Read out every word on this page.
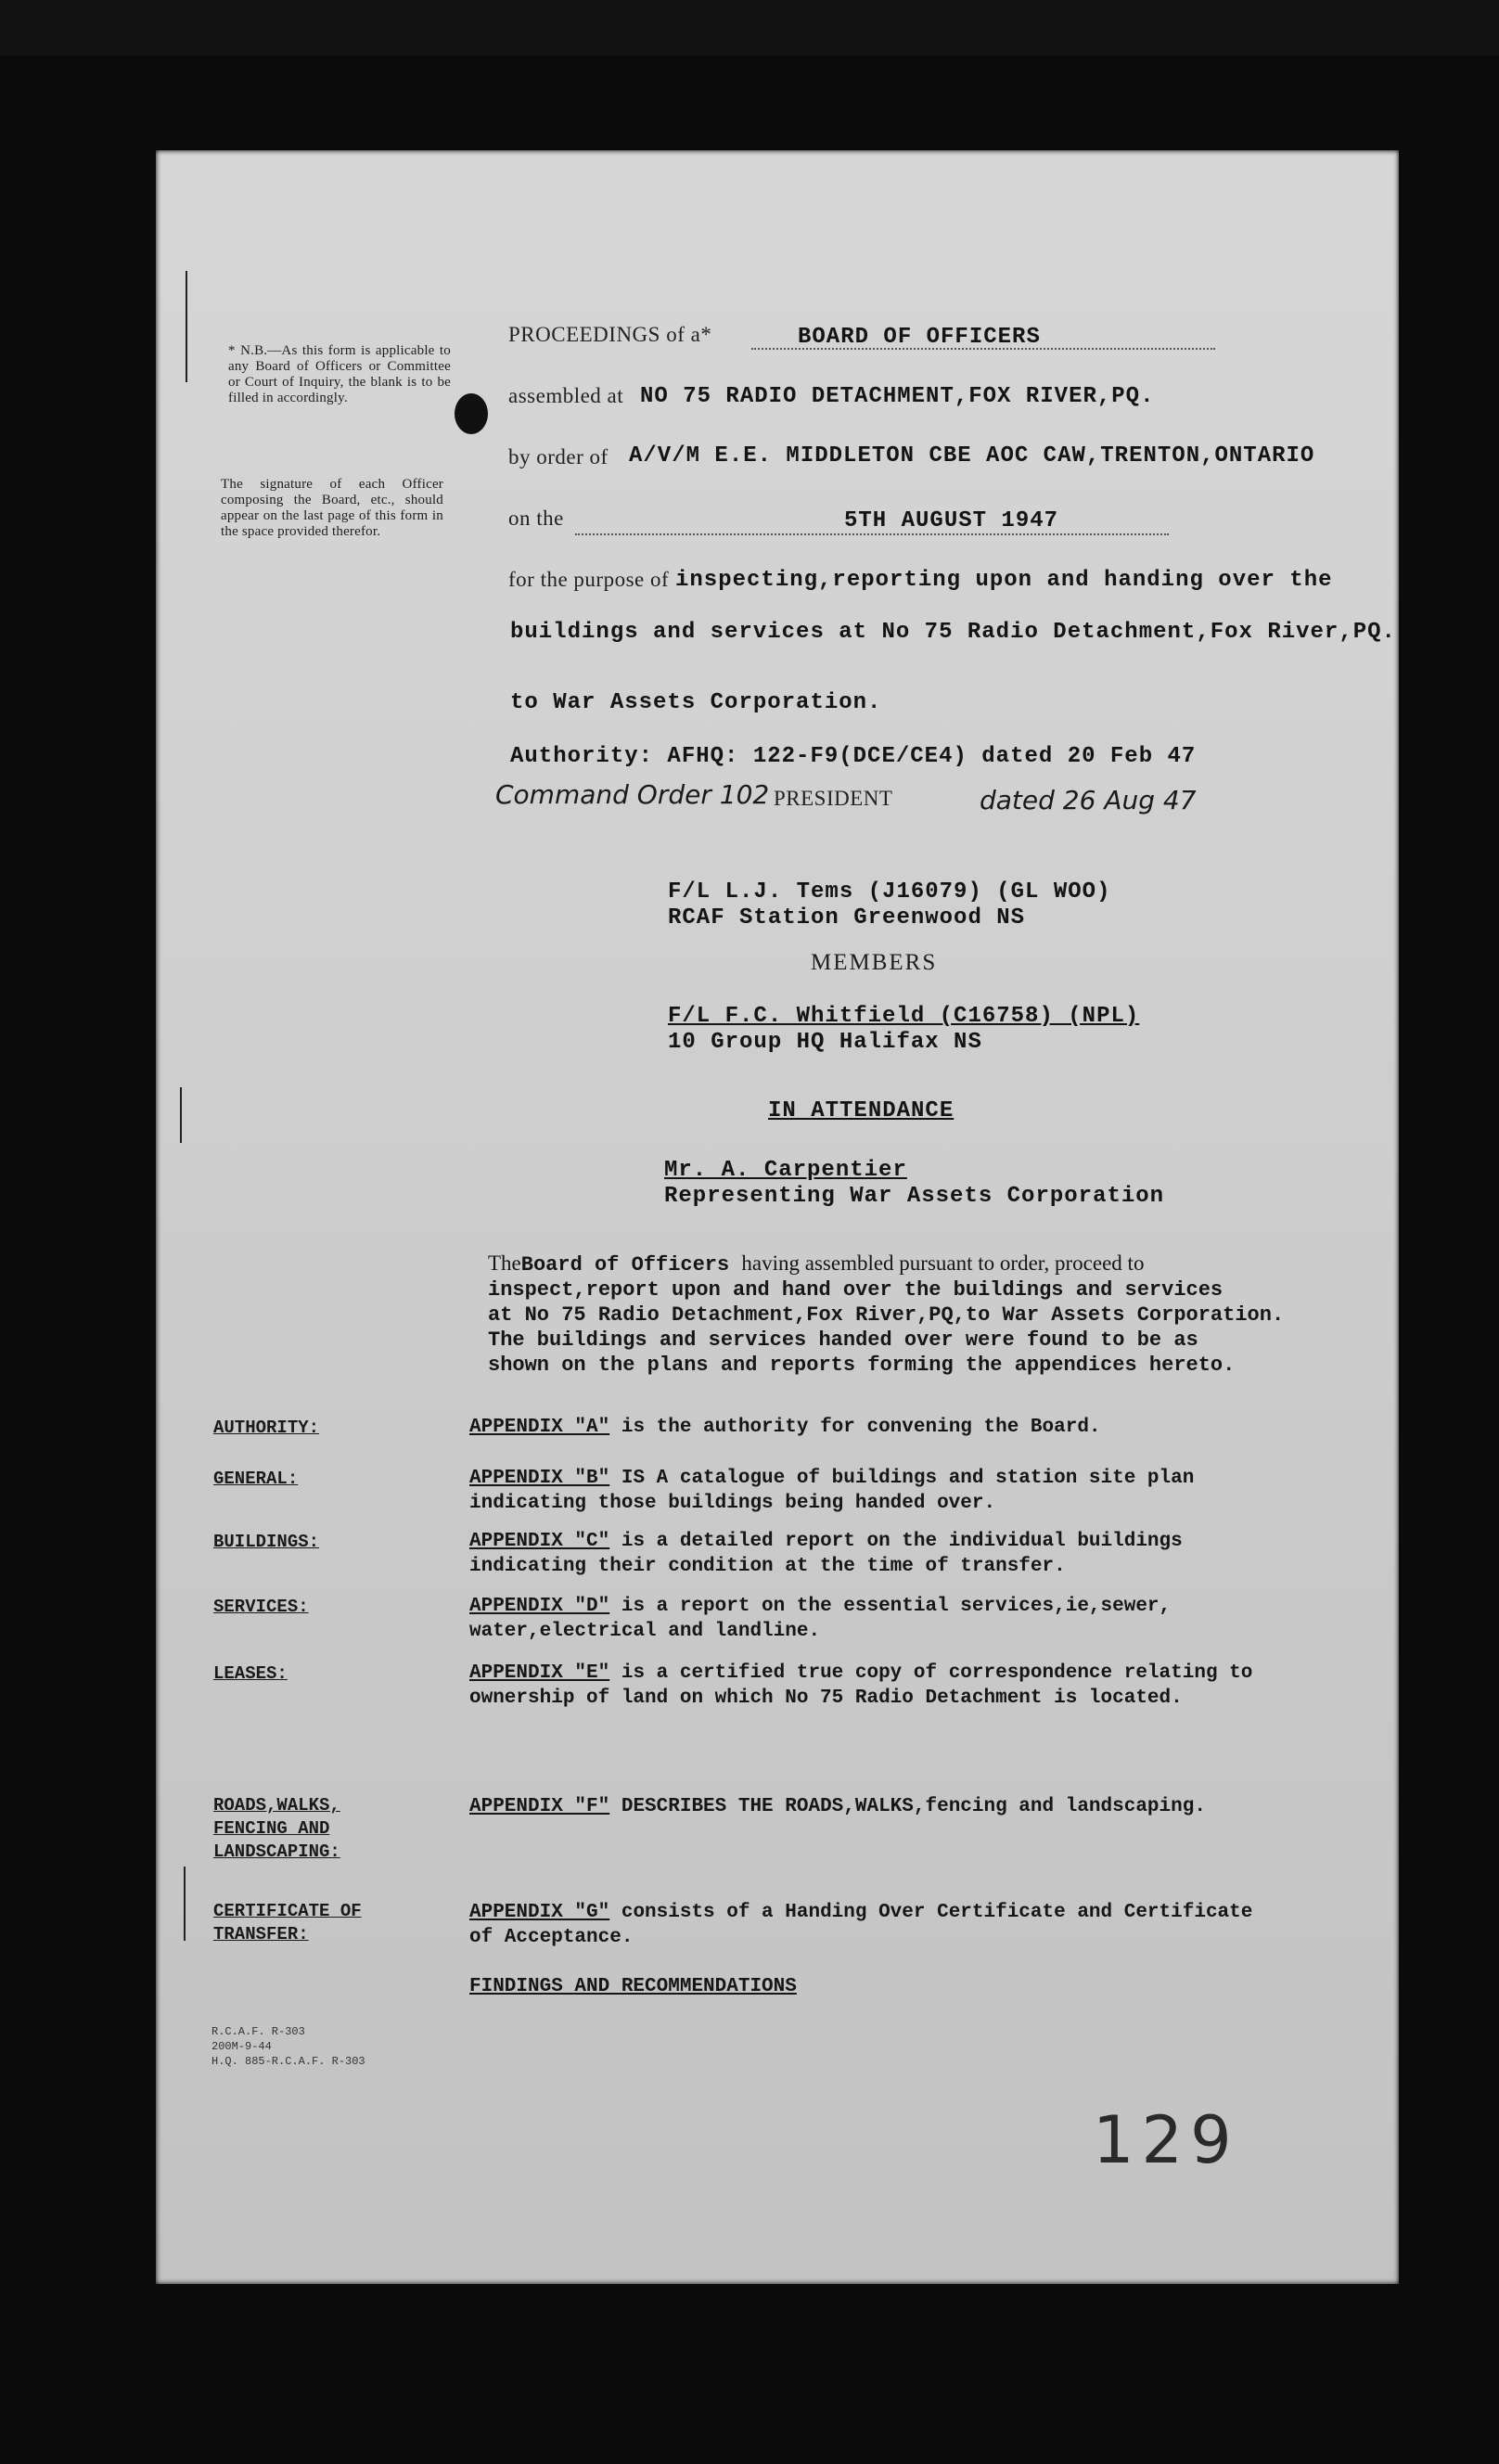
* N.B.—As this form is applicable to any Board of Officers or Committee or Court of Inquiry, the blank is to be filled in accordingly.
The signature of each Officer composing the Board, etc., should appear on the last page of this form in the space provided therefor.
PROCEEDINGS of a*	BOARD OF OFFICERS
assembled at NO 75 RADIO DETACHMENT,FOX RIVER,PQ.
by order of A/V/M E.E. MIDDLETON CBE AOC CAW,TRENTON,ONTARIO
on the	5TH AUGUST 1947
for the purpose of inspecting,reporting upon and handing over the
buildings and services at No 75 Radio Detachment,Fox River,PQ.
to War Assets Corporation.
Authority: AFHQ: 122-F9(DCE/CE4) dated 20 Feb 47
Command Order 102 PRESIDENT	dated 26 Aug 47
F/L L.J. Tems (J16079) (GL WOO)
RCAF Station Greenwood NS
MEMBERS
F/L F.C. Whitfield (C16758) (NPL)
10 Group HQ Halifax NS
IN ATTENDANCE
Mr. A. Carpentier
Representing War Assets Corporation
TheBoard of Officers having assembled pursuant to order, proceed to
inspect,report upon and hand over the buildings and services
at No 75 Radio Detachment,Fox River,PQ,to War Assets Corporation.
The buildings and services handed over were found to be as
shown on the plans and reports forming the appendices hereto.
AUTHORITY:	APPENDIX "A" is the authority for convening the Board.
GENERAL:	APPENDIX "B" IS A catalogue of buildings and station site plan indicating those buildings being handed over.
BUILDINGS:	APPENDIX "C" is a detailed report on the individual buildings indicating their condition at the time of transfer.
SERVICES:	APPENDIX "D" is a report on the essential services,ie,sewer, water,electrical and landline.
LEASES:	APPENDIX "E" is a certified true copy of correspondence relating to ownership of land on which No 75 Radio Detachment is located.
ROADS,WALKS, FENCING AND LANDSCAPING:
APPENDIX "F" DESCRIBES THE ROADS,WALKS,fencing and landscaping.
CERTIFICATE OF TRANSFER:
APPENDIX "G" consists of a Handing Over Certificate and Certificate of Acceptance.
FINDINGS AND RECOMMENDATIONS
R.C.A.F. R-303
200M-9-44
H.Q. 885-R.C.A.F. R-303
129
